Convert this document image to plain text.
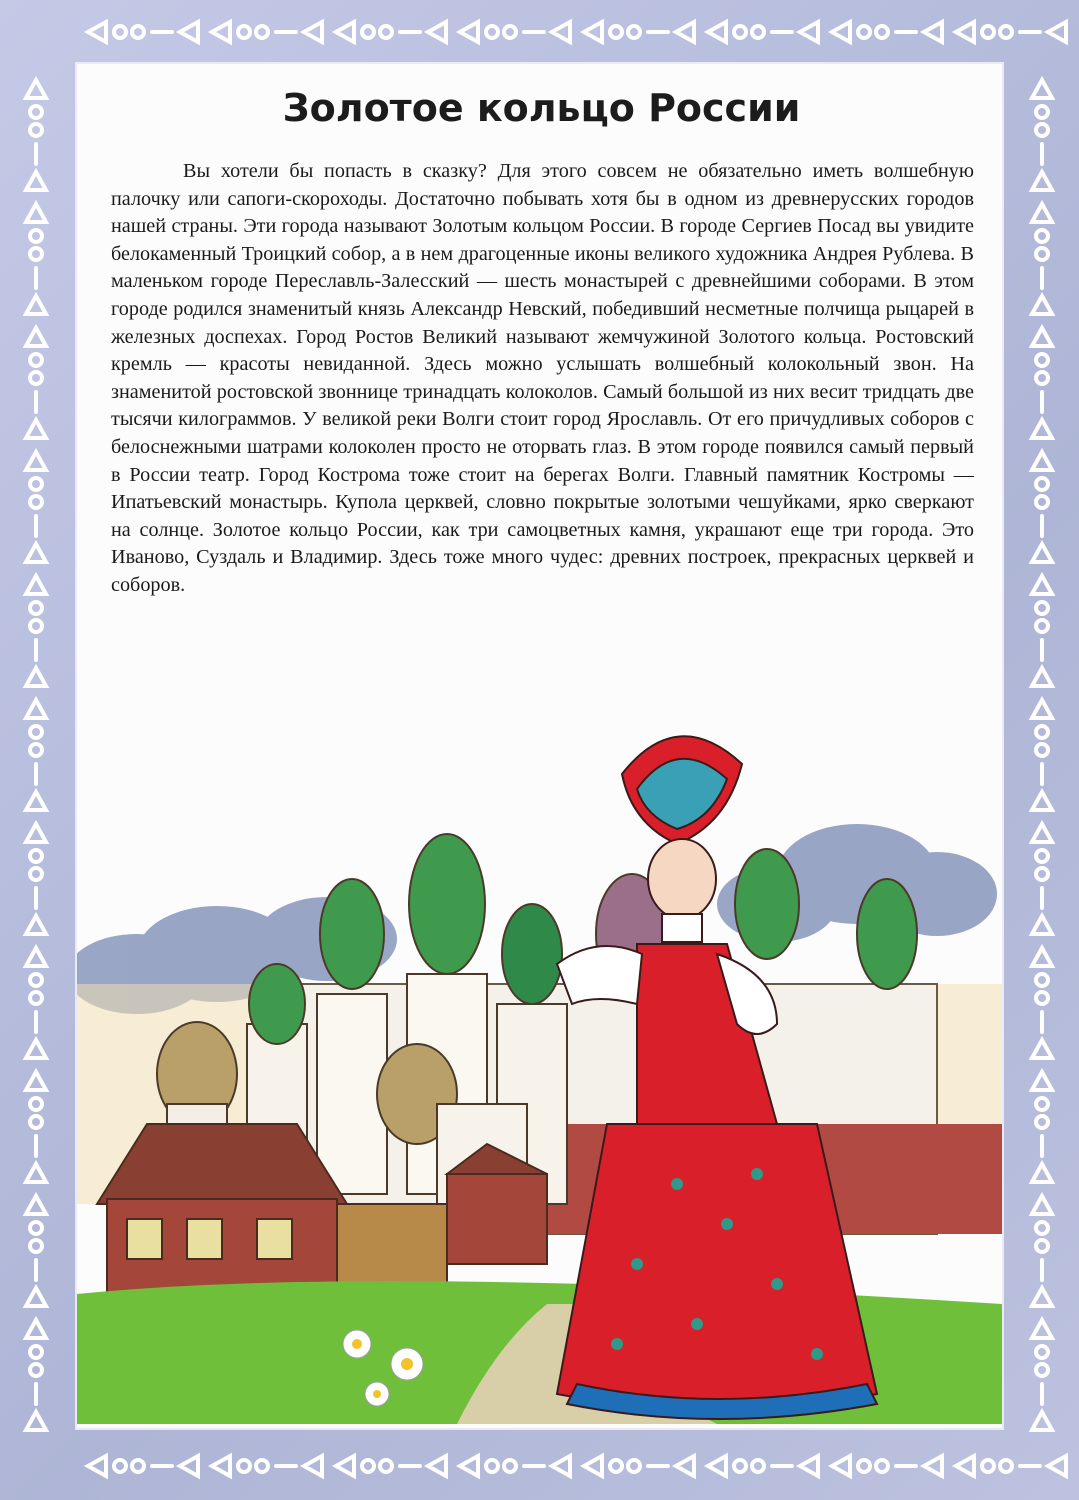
Золотое кольцо России

Вы хотели бы попасть в сказку? Для этого совсем не обязательно иметь волшебную палочку или сапоги-скороходы. Достаточно побывать хотя бы в одном из древнерусских городов нашей страны. Эти города называют Золотым кольцом России. В городе Сергиев Посад вы увидите белокаменный Троицкий собор, а в нем драгоценные иконы великого художника Андрея Рублева. В маленьком городе Переславль-Залесский — шесть монастырей с древнейшими соборами. В этом городе родился знаменитый князь Александр Невский, победивший несметные полчища рыцарей в железных доспехах. Город Ростов Великий называют жемчужиной Золотого кольца. Ростовский кремль — красоты невиданной. Здесь можно услышать волшебный колокольный звон. На знаменитой ростовской звоннице тринадцать колоколов. Самый большой из них весит тридцать две тысячи килограммов. У великой реки Волги стоит город Ярославль. От его причудливых соборов с белоснежными шатрами колоколен просто не оторвать глаз. В этом городе появился самый первый в России театр. Город Кострома тоже стоит на берегах Волги. Главный памятник Костромы — Ипатьевский монастырь. Купола церквей, словно покрытые золотыми чешуйками, ярко сверкают на солнце. Золотое кольцо России, как три самоцветных камня, украшают еще три города. Это Иваново, Суздаль и Владимир. Здесь тоже много чудес: древних построек, прекрасных церквей и соборов.
